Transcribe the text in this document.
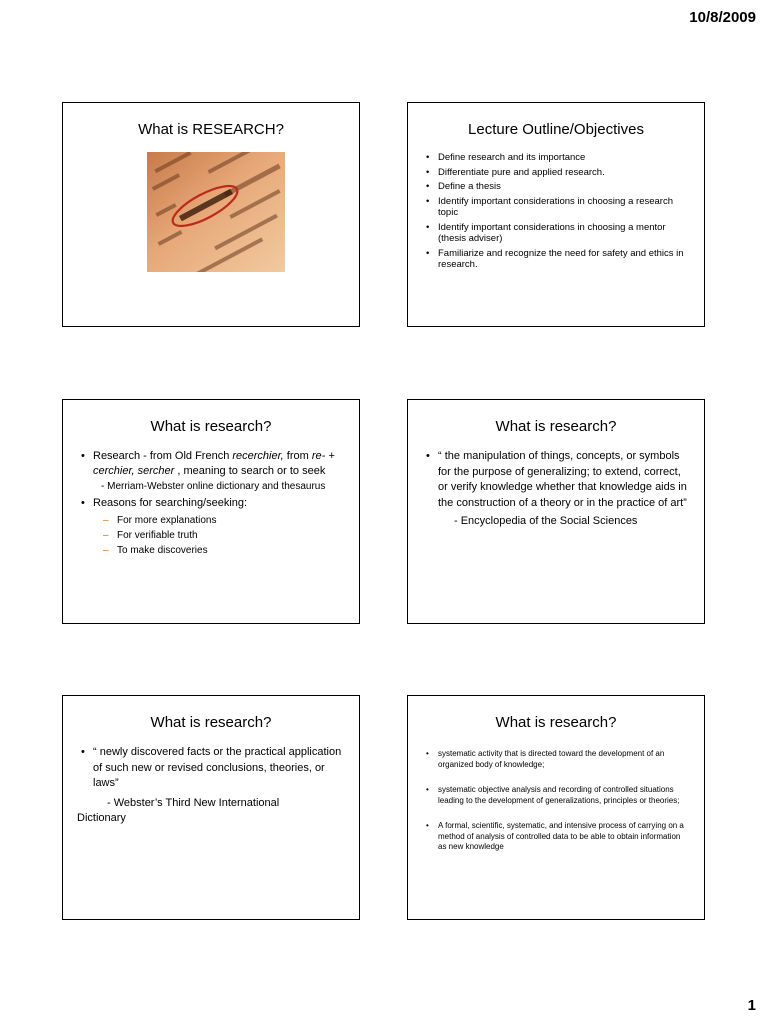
10/8/2009
What is RESEARCH?	Lecture Outline/Objectives
• Define research and its importance
• Differentiate pure and applied research.
• Define a thesis
• Identify important considerations in choosing a research topic
• Identify important considerations in choosing a mentor (thesis adviser)
• Familiarize and recognize the need for safety and ethics in research.
What is research?
• Research - from Old French recerchier, from re- + cerchier, sercher , meaning to search or to seek
- Merriam-Webster online dictionary and thesaurus
• Reasons for searching/seeking:
– For more explanations
– For verifiable truth
– To make discoveries
What is research?
• “ the manipulation of things, concepts, or symbols for the purpose of generalizing; to extend, correct, or verify knowledge whether that knowledge aids in the construction of a theory or in the practice of art”
- Encyclopedia of the Social Sciences
What is research?
• “ newly discovered facts or the practical application of such new or revised conclusions, theories, or laws”
- Webster’s Third New International
Dictionary
What is research?
• systematic activity that is directed toward the development of an organized body of knowledge;
• systematic objective analysis and recording of controlled situations leading to the development of generalizations, principles or theories;
• A formal, scientific, systematic, and intensive process of carrying on a method of analysis of controlled data to be able to obtain information as new knowledge
1
